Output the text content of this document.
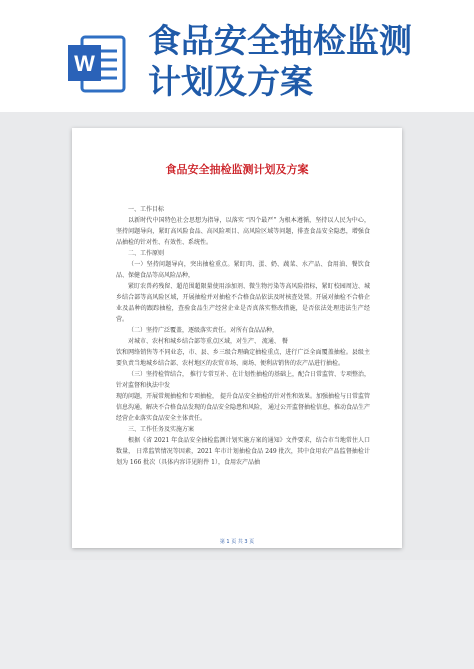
W
食品安全抽检监测
计划及方案
食品安全抽检监测计划及方案

一、工作目标

以新时代中国特色社会思想为指导，以落实 “四个最严” 为根本遵循，坚持以人民为中心，坚持问题导向，紧盯高风险食品、高风险项目、高风险区域等问题，排查食品安全隐患，增强食品抽检的针对性、有效性、系统性。

二、工作原则

（一）坚持问题导向，突出抽检重点。紧盯肉、蛋、奶、蔬菜、水产品、食用油、餐饮食品、保健食品等高风险品种，

紧盯农兽药残留、超范围超限量使用添加剂、微生物污染等高风险指标，紧盯校园周边、城乡结合部等高风险区域，开展抽检并对抽检不合格食品依法及时核查处置。开展对抽检不合格企业及品种的跟踪抽检，查验食品生产经营企业是否真落实整改措施，是否依法处理违法生产经营。

（二）坚持广泛覆盖，逐级落实责任。对所有食品品种，

对城市、农村和城乡结合部等重点区域，对生产、 流通、 餐

饮和网络销售等不同业态，市、县、乡三级合理确定抽检重点，进行广泛全面覆盖抽检。县级主要负责当地城乡结合部、农村地区的农贸市场、商场、便利店销售的农产品进行抽检。

（三）坚持检管结合， 推行专常互补、在计划性抽检的基础上，配合日常监管、专项整治，针对监督和执法中发

现的问题，开展常规抽检和专项抽检， 提升食品安全抽检的针对性和效果。加强抽检与日常监管信息沟通，解决不合格食品发现的食品安全隐患和风险， 通过公开监督抽检信息，推动食品生产经营企业落实食品安全主体责任。

三、工作任务及实施方案

根据《省 2021 年食品安全抽检监测计划实施方案的通知》文件要求，结合市当地常住人口数量， 日常监管情况等因素，2021 年市计划抽检食品 249 批次，其中食用农产品监督抽检计划为 166 批次（具体内容详见附件 1），食用农产品抽

第 1 页 共 3 页
